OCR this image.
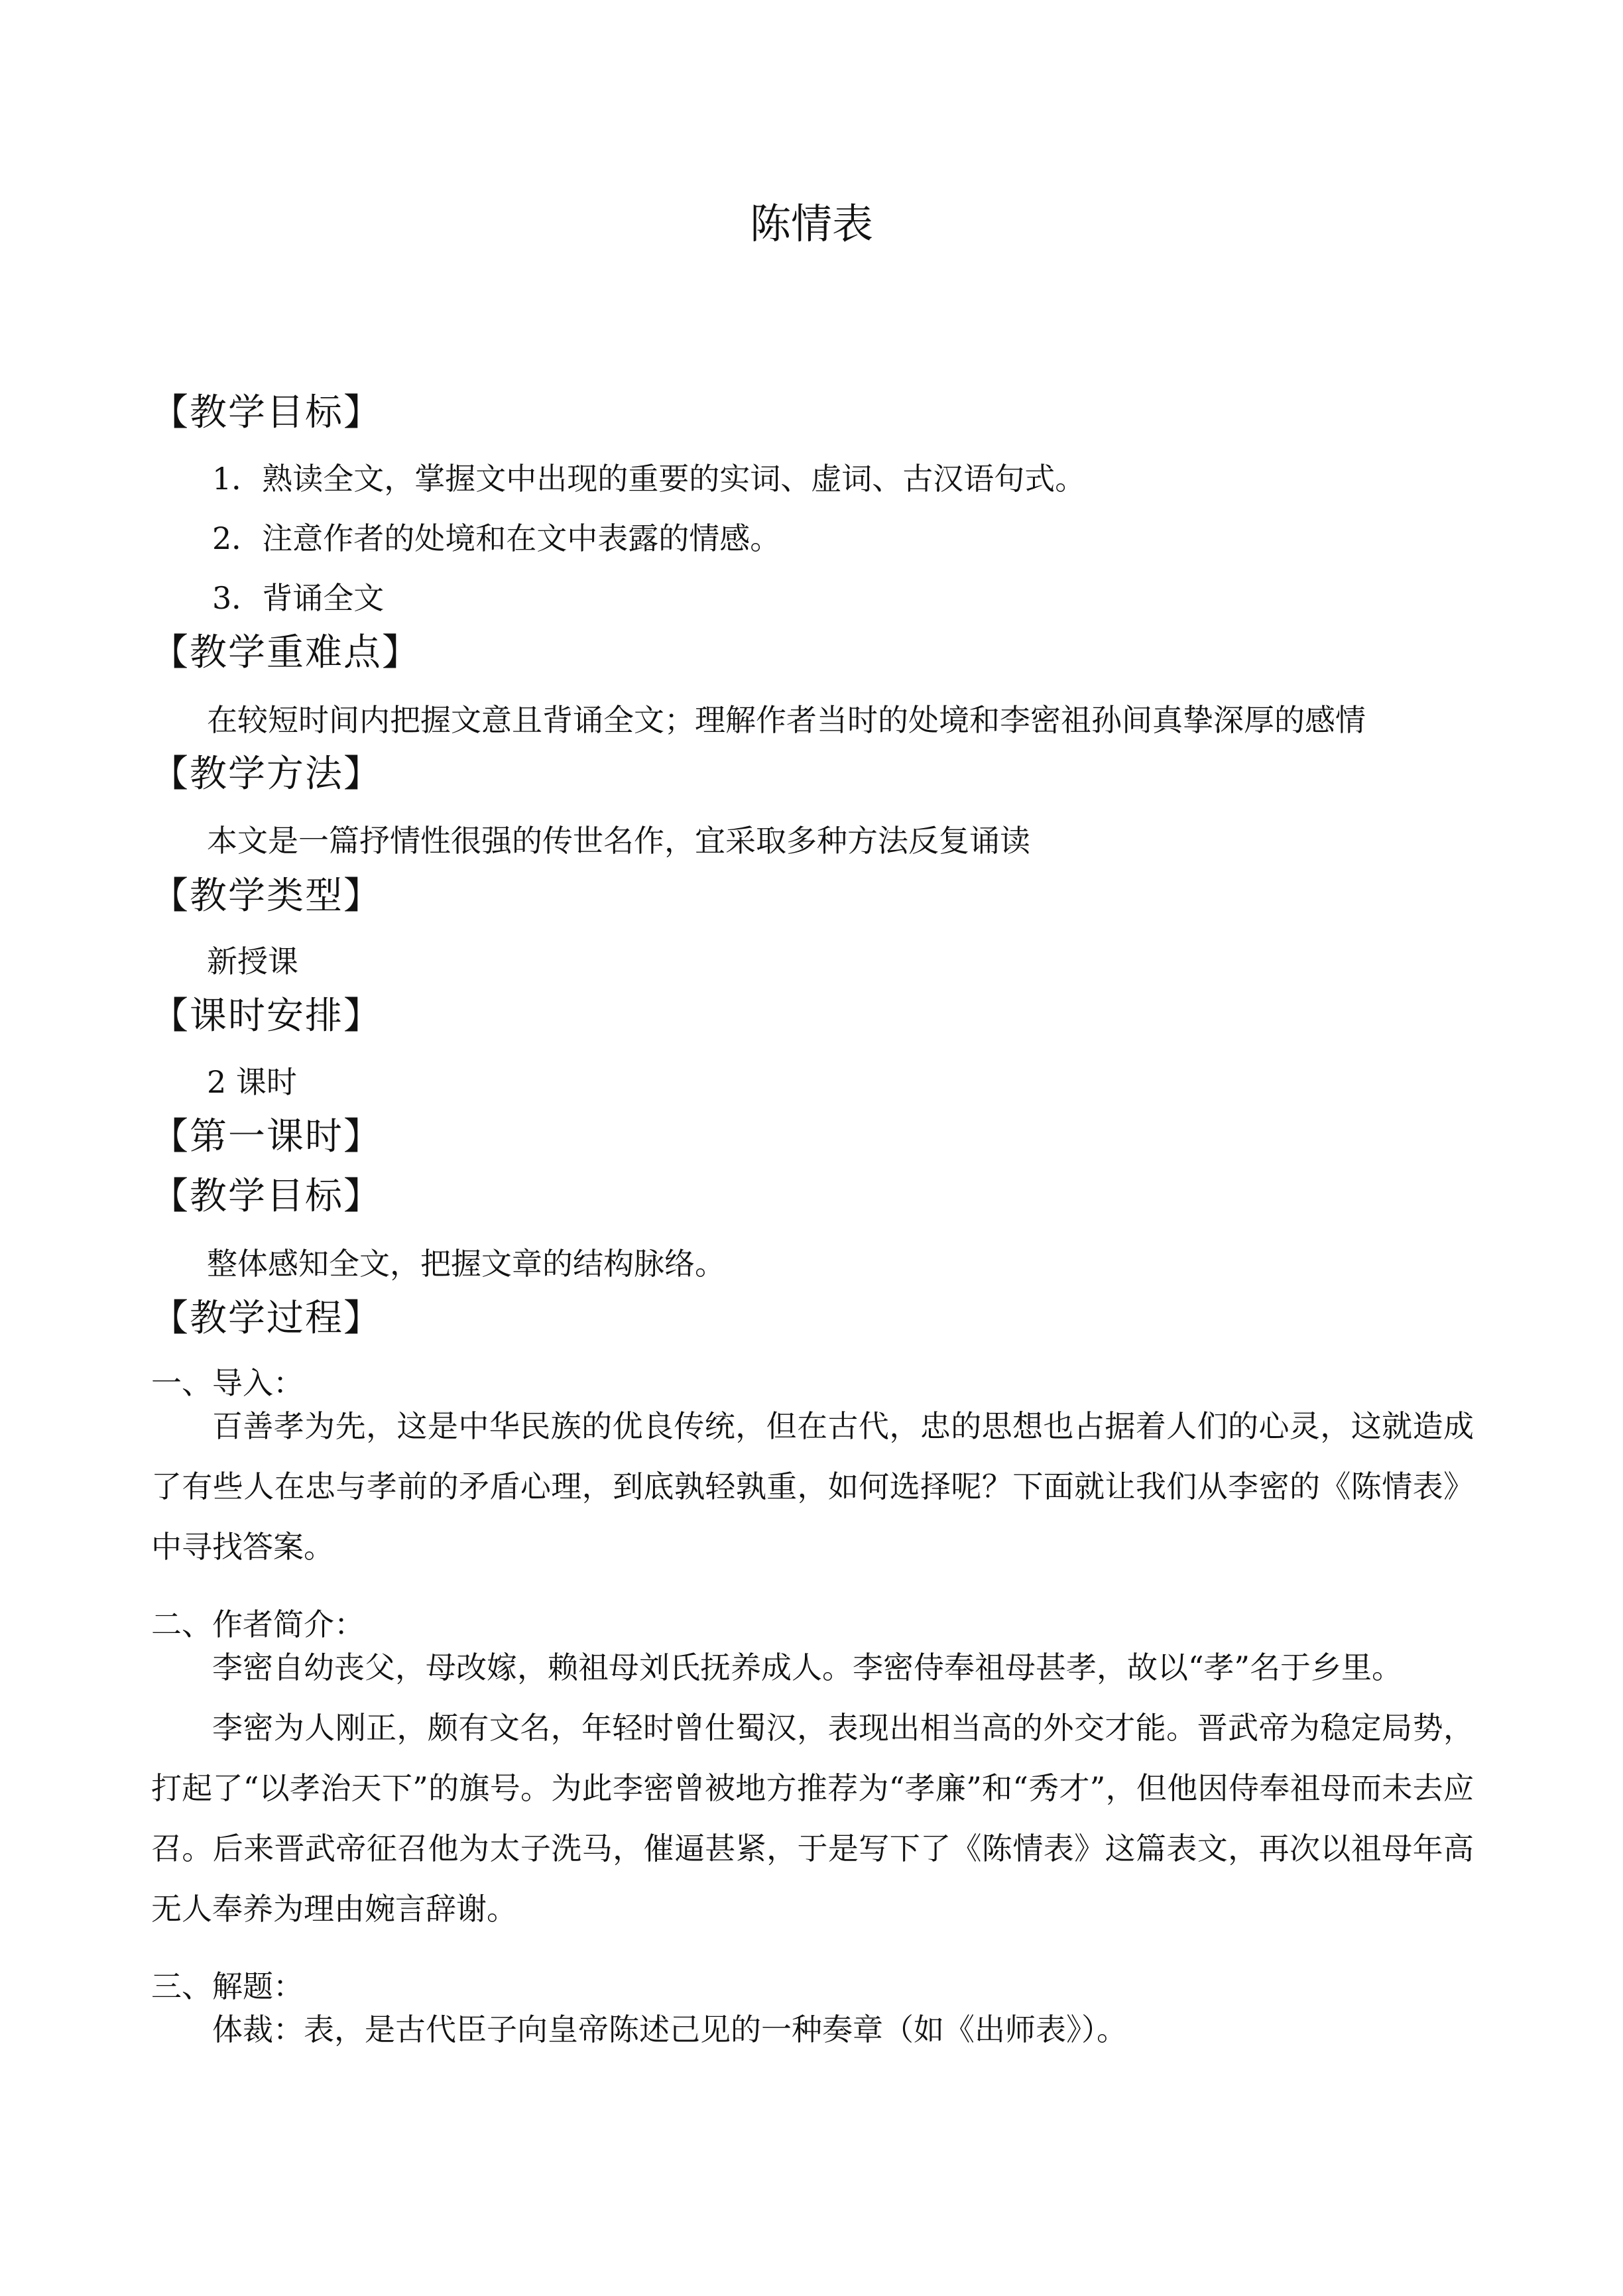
陈情表
【教学目标】
1．熟读全文，掌握文中出现的重要的实词、虚词、古汉语句式。
2．注意作者的处境和在文中表露的情感。
3．背诵全文
【教学重难点】
在较短时间内把握文意且背诵全文；理解作者当时的处境和李密祖孙间真挚深厚的感情
【教学方法】
本文是一篇抒情性很强的传世名作，宜采取多种方法反复诵读
【教学类型】
新授课
【课时安排】
2 课时
【第一课时】
【教学目标】
整体感知全文，把握文章的结构脉络。
【教学过程】
一、导入：
百善孝为先，这是中华民族的优良传统，但在古代，忠的思想也占据着人们的心灵，这就造成了有些人在忠与孝前的矛盾心理，到底孰轻孰重，如何选择呢？下面就让我们从李密的《陈情表》中寻找答案。
二、作者简介：
李密自幼丧父，母改嫁，赖祖母刘氏抚养成人。李密侍奉祖母甚孝，故以“孝”名于乡里。
李密为人刚正，颇有文名，年轻时曾仕蜀汉，表现出相当高的外交才能。晋武帝为稳定局势，打起了“以孝治天下”的旗号。为此李密曾被地方推荐为“孝廉”和“秀才”，但他因侍奉祖母而未去应召。后来晋武帝征召他为太子洗马，催逼甚紧，于是写下了《陈情表》这篇表文，再次以祖母年高无人奉养为理由婉言辞谢。
三、解题：
体裁：表，是古代臣子向皇帝陈述己见的一种奏章（如《出师表》）。
